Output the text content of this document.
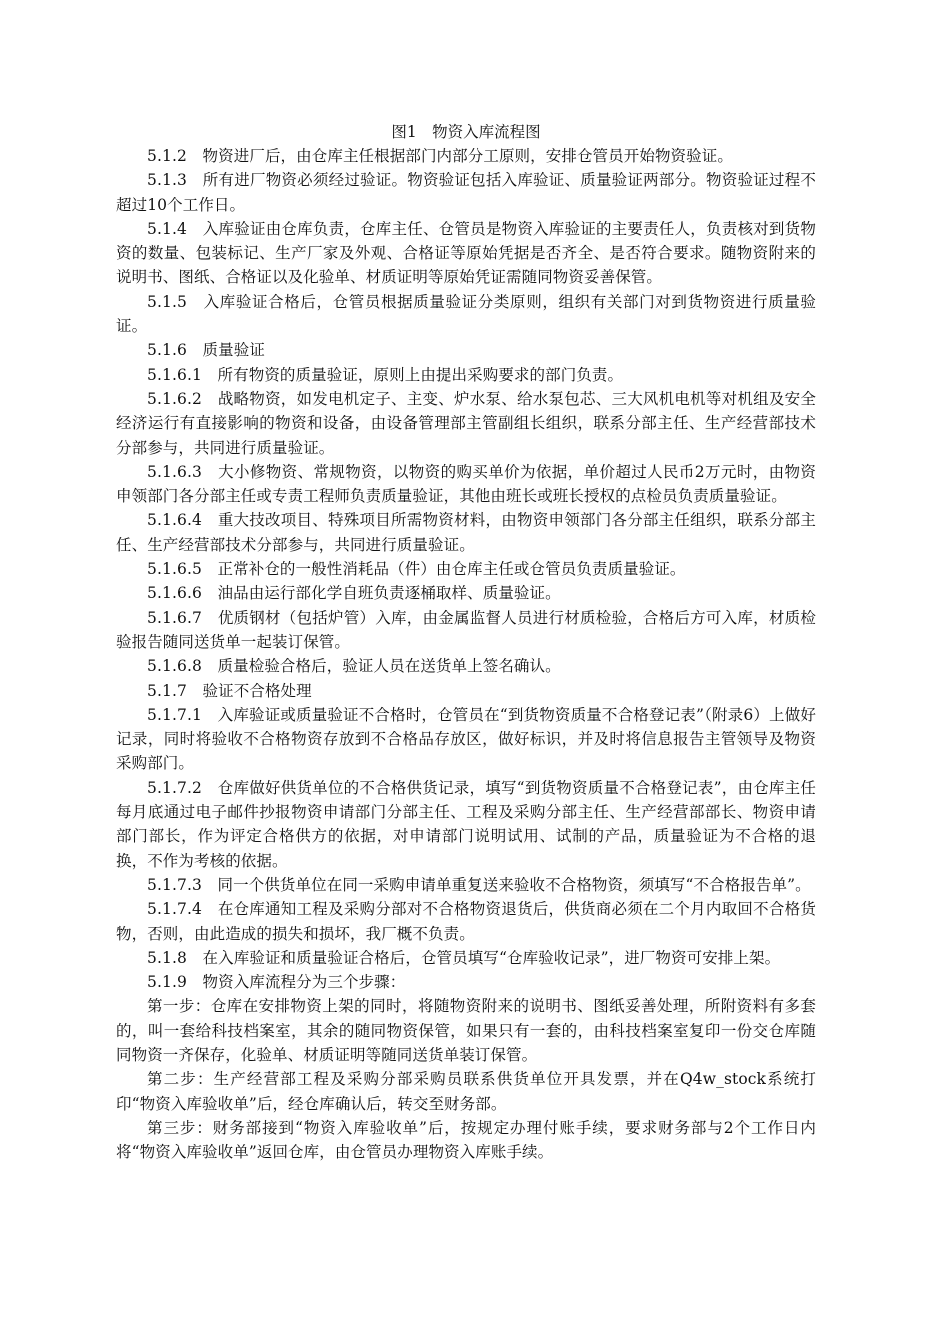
图1　物资入库流程图

5.1.2　物资进厂后，由仓库主任根据部门内部分工原则，安排仓管员开始物资验证。

5.1.3　所有进厂物资必须经过验证。物资验证包括入库验证、质量验证两部分。物资验证过程不超过10个工作日。

5.1.4　入库验证由仓库负责，仓库主任、仓管员是物资入库验证的主要责任人，负责核对到货物资的数量、包装标记、生产厂家及外观、合格证等原始凭据是否齐全、是否符合要求。随物资附来的说明书、图纸、合格证以及化验单、材质证明等原始凭证需随同物资妥善保管。

5.1.5　入库验证合格后，仓管员根据质量验证分类原则，组织有关部门对到货物资进行质量验证。

5.1.6　质量验证

5.1.6.1　所有物资的质量验证，原则上由提出采购要求的部门负责。

5.1.6.2　战略物资，如发电机定子、主变、炉水泵、给水泵包芯、三大风机电机等对机组及安全经济运行有直接影响的物资和设备，由设备管理部主管副组长组织，联系分部主任、生产经营部技术分部参与，共同进行质量验证。

5.1.6.3　大小修物资、常规物资，以物资的购买单价为依据，单价超过人民币2万元时，由物资申领部门各分部主任或专责工程师负责质量验证，其他由班长或班长授权的点检员负责质量验证。

5.1.6.4　重大技改项目、特殊项目所需物资材料，由物资申领部门各分部主任组织，联系分部主任、生产经营部技术分部参与，共同进行质量验证。

5.1.6.5　正常补仓的一般性消耗品（件）由仓库主任或仓管员负责质量验证。

5.1.6.6　油品由运行部化学自班负责逐桶取样、质量验证。

5.1.6.7　优质钢材（包括炉管）入库，由金属监督人员进行材质检验，合格后方可入库，材质检验报告随同送货单一起装订保管。

5.1.6.8　质量检验合格后，验证人员在送货单上签名确认。

5.1.7　验证不合格处理

5.1.7.1　入库验证或质量验证不合格时，仓管员在“到货物资质量不合格登记表”（附录6）上做好记录，同时将验收不合格物资存放到不合格品存放区，做好标识，并及时将信息报告主管领导及物资采购部门。

5.1.7.2　仓库做好供货单位的不合格供货记录，填写“到货物资质量不合格登记表”，由仓库主任每月底通过电子邮件抄报物资申请部门分部主任、工程及采购分部主任、生产经营部部长、物资申请部门部长，作为评定合格供方的依据，对申请部门说明试用、试制的产品，质量验证为不合格的退换，不作为考核的依据。

5.1.7.3　同一个供货单位在同一采购申请单重复送来验收不合格物资，须填写“不合格报告单”。

5.1.7.4　在仓库通知工程及采购分部对不合格物资退货后，供货商必须在二个月内取回不合格货物，否则，由此造成的损失和损坏，我厂概不负责。

5.1.8　在入库验证和质量验证合格后，仓管员填写“仓库验收记录”，进厂物资可安排上架。

5.1.9　物资入库流程分为三个步骤：

第一步：仓库在安排物资上架的同时，将随物资附来的说明书、图纸妥善处理，所附资料有多套的，叫一套给科技档案室，其余的随同物资保管，如果只有一套的，由科技档案室复印一份交仓库随同物资一齐保存，化验单、材质证明等随同送货单装订保管。

第二步：生产经营部工程及采购分部采购员联系供货单位开具发票，并在Q4w_stock系统打印“物资入库验收单”后，经仓库确认后，转交至财务部。

第三步：财务部接到“物资入库验收单”后，按规定办理付账手续，要求财务部与2个工作日内将“物资入库验收单”返回仓库，由仓管员办理物资入库账手续。
